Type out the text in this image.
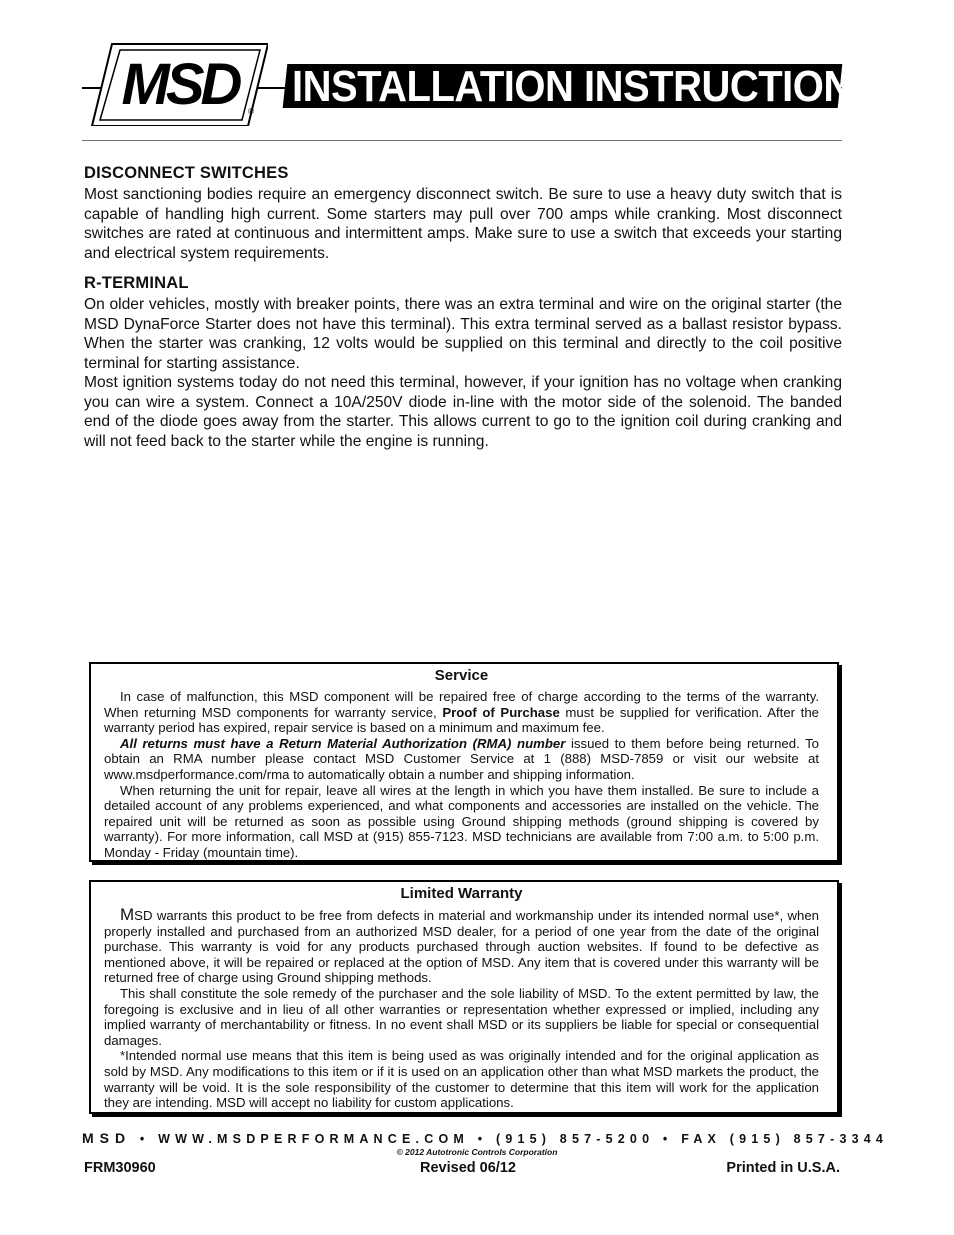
MSD	®
INSTALLATION INSTRUCTIONS
DISCONNECT SWITCHES

Most sanctioning bodies require an emergency disconnect switch. Be sure to use a heavy duty switch that is capable of handling high current. Some starters may pull over 700 amps while cranking. Most disconnect switches are rated at continuous and intermittent amps. Make sure to use a switch that exceeds your starting and electrical system requirements.

R-TERMINAL

On older vehicles, mostly with breaker points, there was an extra terminal and wire on the original starter (the MSD DynaForce Starter does not have this terminal). This extra terminal served as a ballast resistor bypass. When the starter was cranking, 12 volts would be supplied on this terminal and directly to the coil positive terminal for starting assistance.

Most ignition systems today do not need this terminal, however, if your ignition has no voltage when cranking you can wire a system. Connect a 10A/250V diode in-line with the motor side of the solenoid. The banded end of the diode goes away from the starter. This allows current to go to the ignition coil during cranking and will not feed back to the starter while the engine is running.

Service

In case of malfunction, this MSD component will be repaired free of charge according to the terms of the warranty. When returning MSD components for warranty service, Proof of Purchase must be supplied for verification. After the warranty period has expired, repair service is based on a minimum and maximum fee.

All returns must have a Return Material Authorization (RMA) number issued to them before being returned. To obtain an RMA number please contact MSD Customer Service at 1 (888) MSD-7859 or visit our website at www.msdperformance.com/rma to automatically obtain a number and shipping information.

When returning the unit for repair, leave all wires at the length in which you have them installed. Be sure to include a detailed account of any problems experienced, and what components and accessories are installed on the vehicle. The repaired unit will be returned as soon as possible using Ground shipping methods (ground shipping is covered by warranty). For more information, call MSD at (915) 855-7123. MSD technicians are available from 7:00 a.m. to 5:00 p.m. Monday - Friday (mountain time).

Limited Warranty

MSD warrants this product to be free from defects in material and workmanship under its intended normal use*, when properly installed and purchased from an authorized MSD dealer, for a period of one year from the date of the original purchase. This warranty is void for any products purchased through auction websites. If found to be defective as mentioned above, it will be repaired or replaced at the option of MSD. Any item that is covered under this warranty will be returned free of charge using Ground shipping methods.

This shall constitute the sole remedy of the purchaser and the sole liability of MSD. To the extent permitted by law, the foregoing is exclusive and in lieu of all other warranties or representation whether expressed or implied, including any implied warranty of merchantability or fitness. In no event shall MSD or its suppliers be liable for special or consequential damages.

*Intended normal use means that this item is being used as was originally intended and for the original application as sold by MSD. Any modifications to this item or if it is used on an application other than what MSD markets the product, the warranty will be void. It is the sole responsibility of the customer to determine that this item will work for the application they are intending. MSD will accept no liability for custom applications.

MSD • WWW.MSDPERFORMANCE.COM • (915) 857-5200 • FAX (915) 857-3344
© 2012 Autotronic Controls Corporation
FRM30960	Revised 06/12	Printed in U.S.A.
